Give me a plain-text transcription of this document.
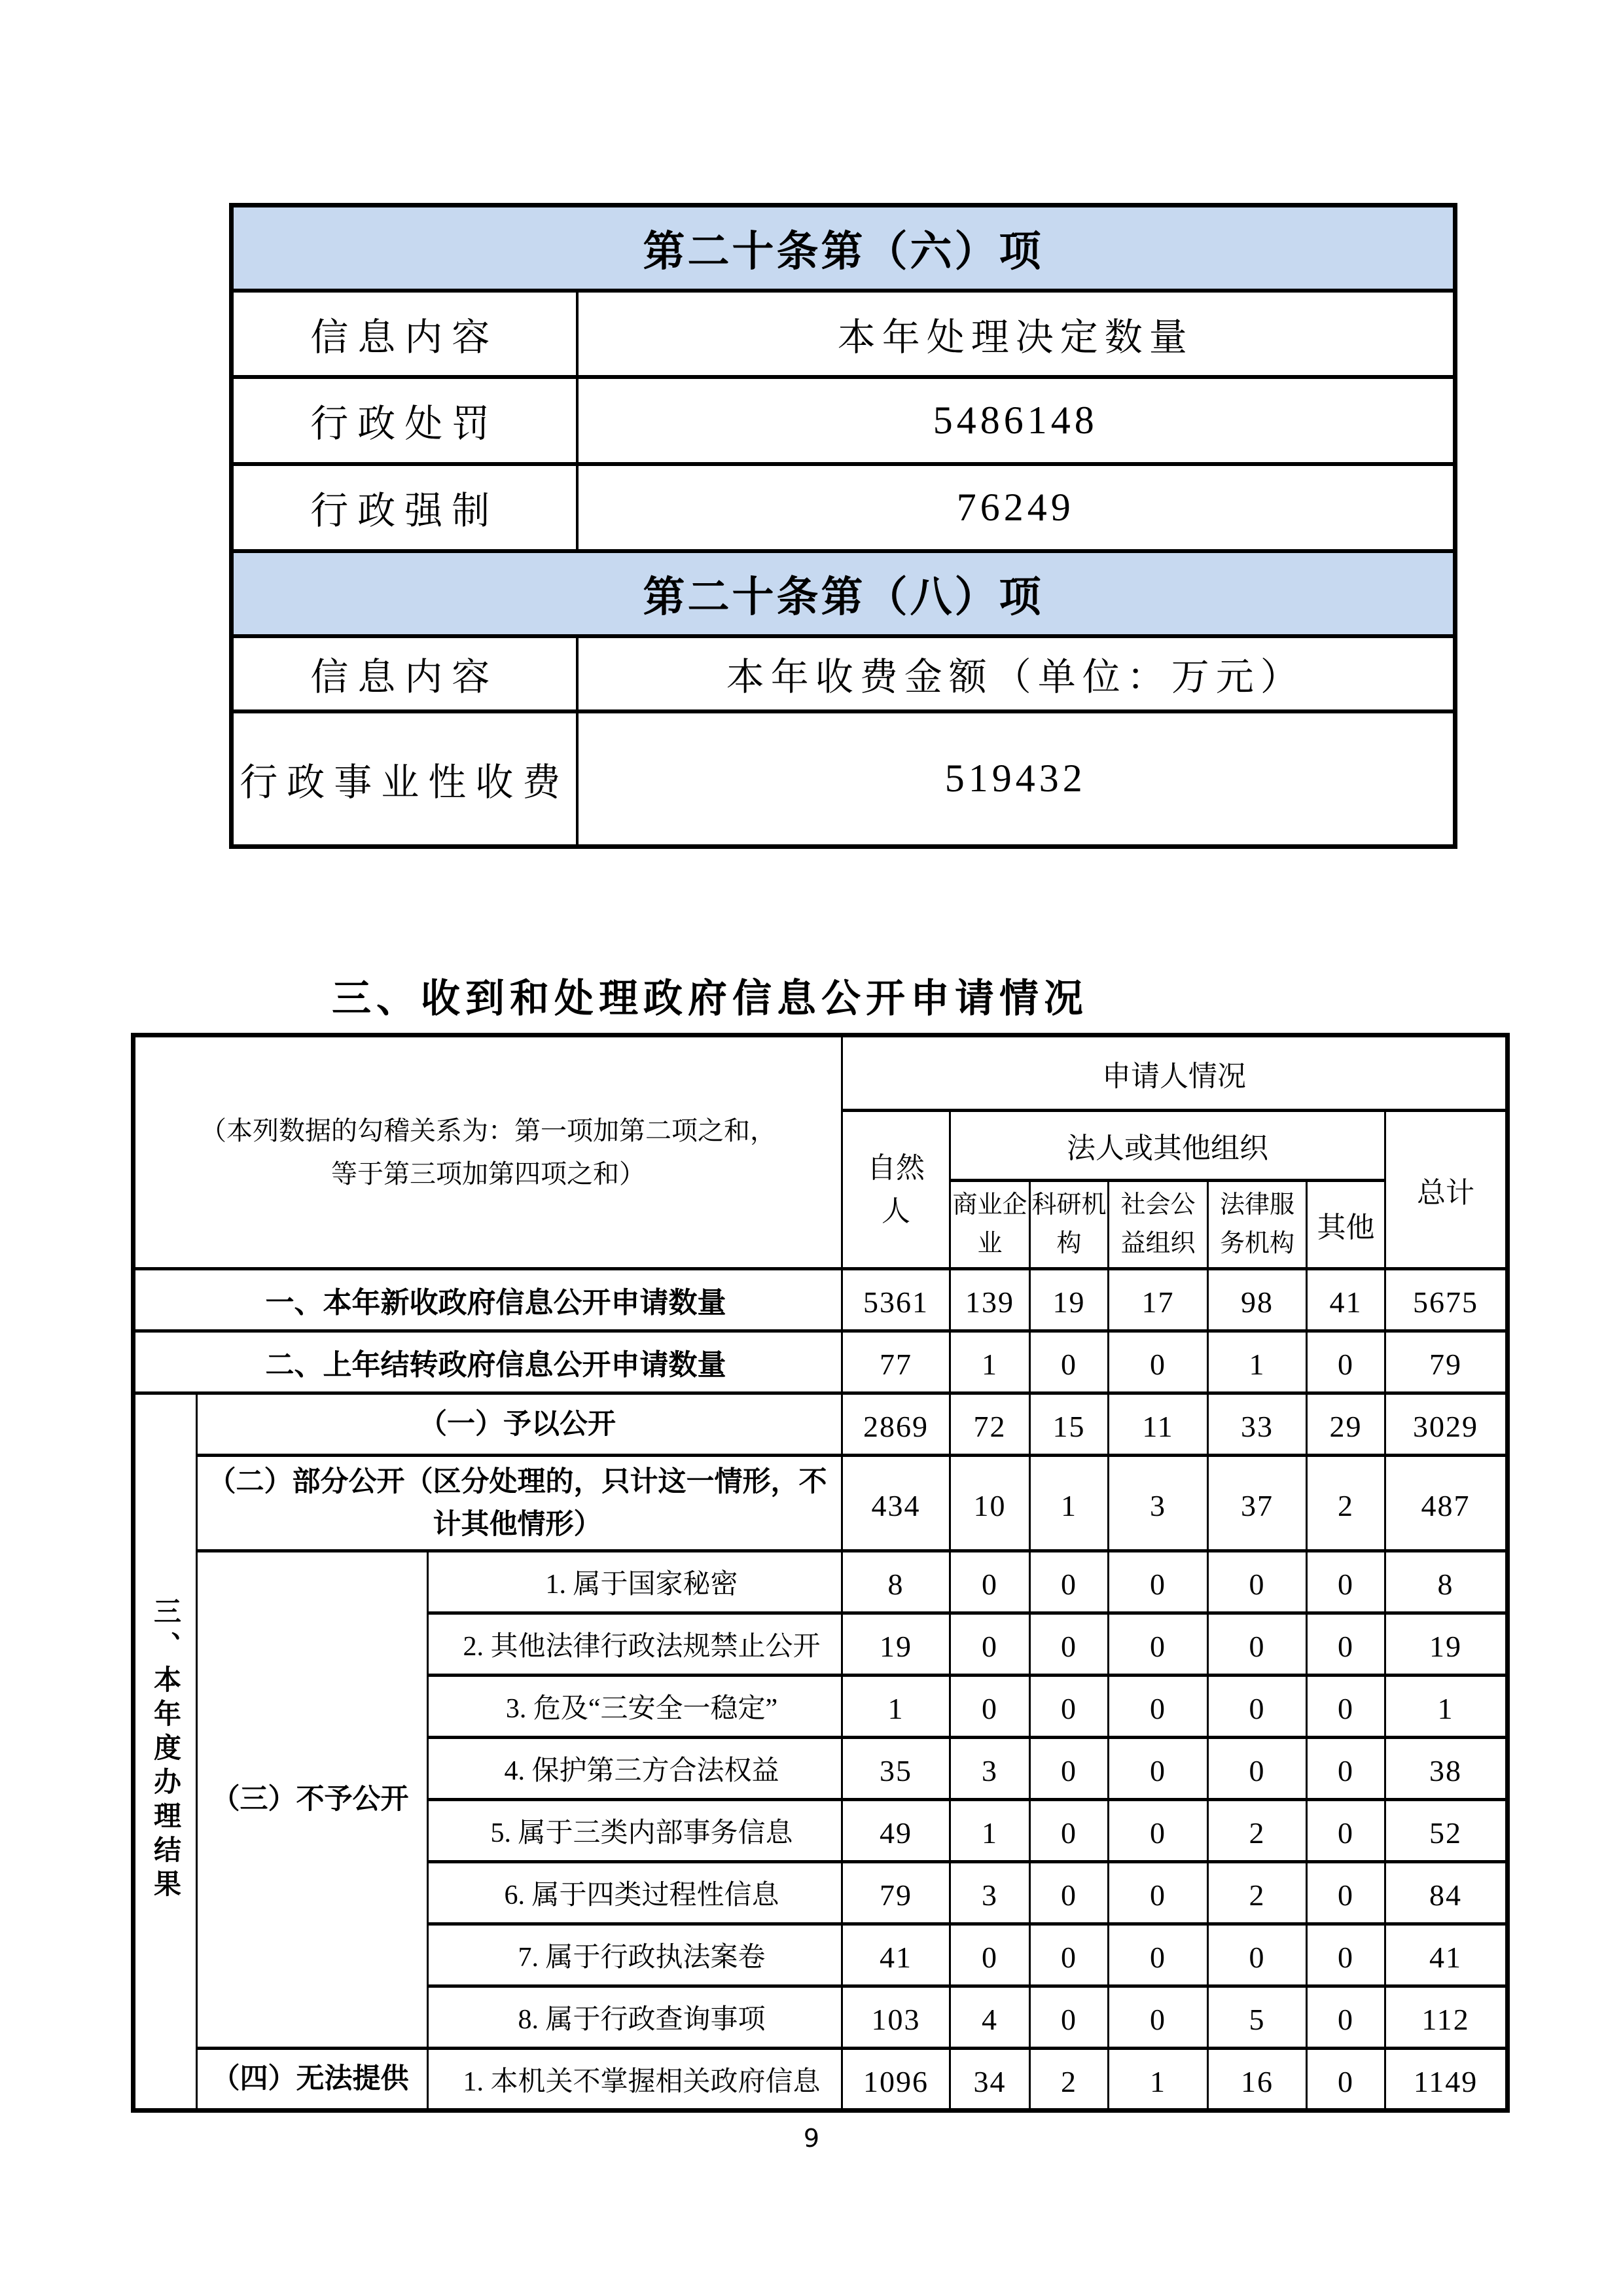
第二十条第（六）项	
信息内容	本年处理决定数量
行政处罚	5486148
行政强制	76249
第二十条第（八）项	
信息内容	本年收费金额（单位：万元）
行政事业性收费	519432
三、收到和处理政府信息公开申请情况
（本列数据的勾稽关系为：第一项加第二项之和，
等于第三项加第四项之和）			申请人情况						
			自然人	法人或其他组织					总计
				商业企业	科研机构	社会公益组织	法律服务机构	其他	
一、本年新收政府信息公开申请数量			5361	139	19	17	98	41	5675
二、上年结转政府信息公开申请数量			77	1	0	0	1	0	79
三、本年度办理结果	（一）予以公开		2869	72	15	11	33	29	3029
	（二）部分公开（区分处理的，只计这一情形，不计其他情形）		434	10	1	3	37	2	487
	（三）不予公开	1. 属于国家秘密	8	0	0	0	0	0	8
		2. 其他法律行政法规禁止公开	19	0	0	0	0	0	19
		3. 危及“三安全一稳定”	1	0	0	0	0	0	1
		4. 保护第三方合法权益	35	3	0	0	0	0	38
		5. 属于三类内部事务信息	49	1	0	0	2	0	52
		6. 属于四类过程性信息	79	3	0	0	2	0	84
		7. 属于行政执法案卷	41	0	0	0	0	0	41
		8. 属于行政查询事项	103	4	0	0	5	0	112
	（四）无法提供	1. 本机关不掌握相关政府信息	1096	34	2	1	16	0	1149
9
